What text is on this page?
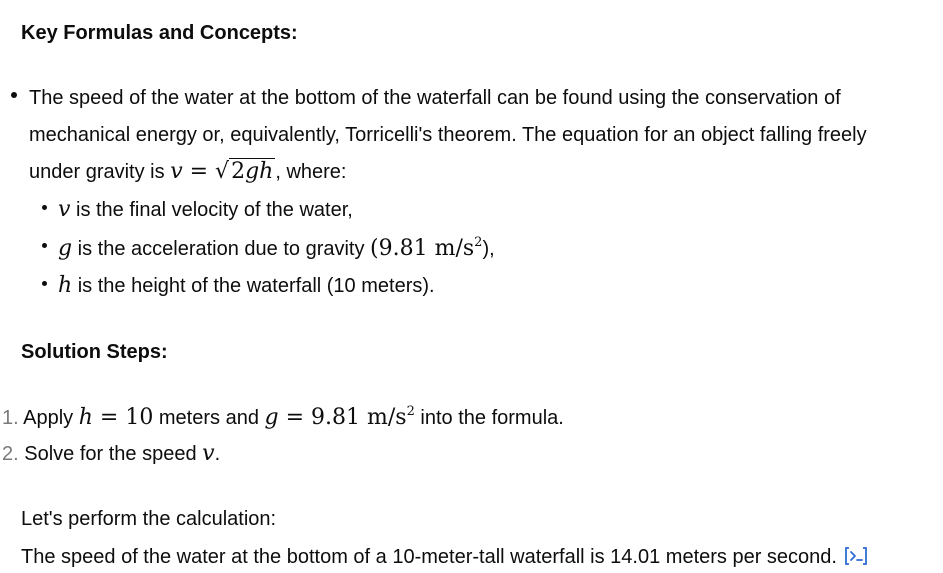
Key Formulas and Concepts:
The speed of the water at the bottom of the waterfall can be found using the conservation of
mechanical energy or, equivalently, Torricelli's theorem. The equation for an object falling freely
under gravity is v = √2gh , where:
v is the final velocity of the water,
g is the acceleration due to gravity (9.81 $m/s^2$),
h is the height of the waterfall (10 meters).
Solution Steps:
1. Apply h = 10 meters and g = 9.81 $m/s^2$ into the formula.
2. Solve for the speed v.
Let's perform the calculation:
The speed of the water at the bottom of a 10-meter-tall waterfall is 14.01 meters per second.
